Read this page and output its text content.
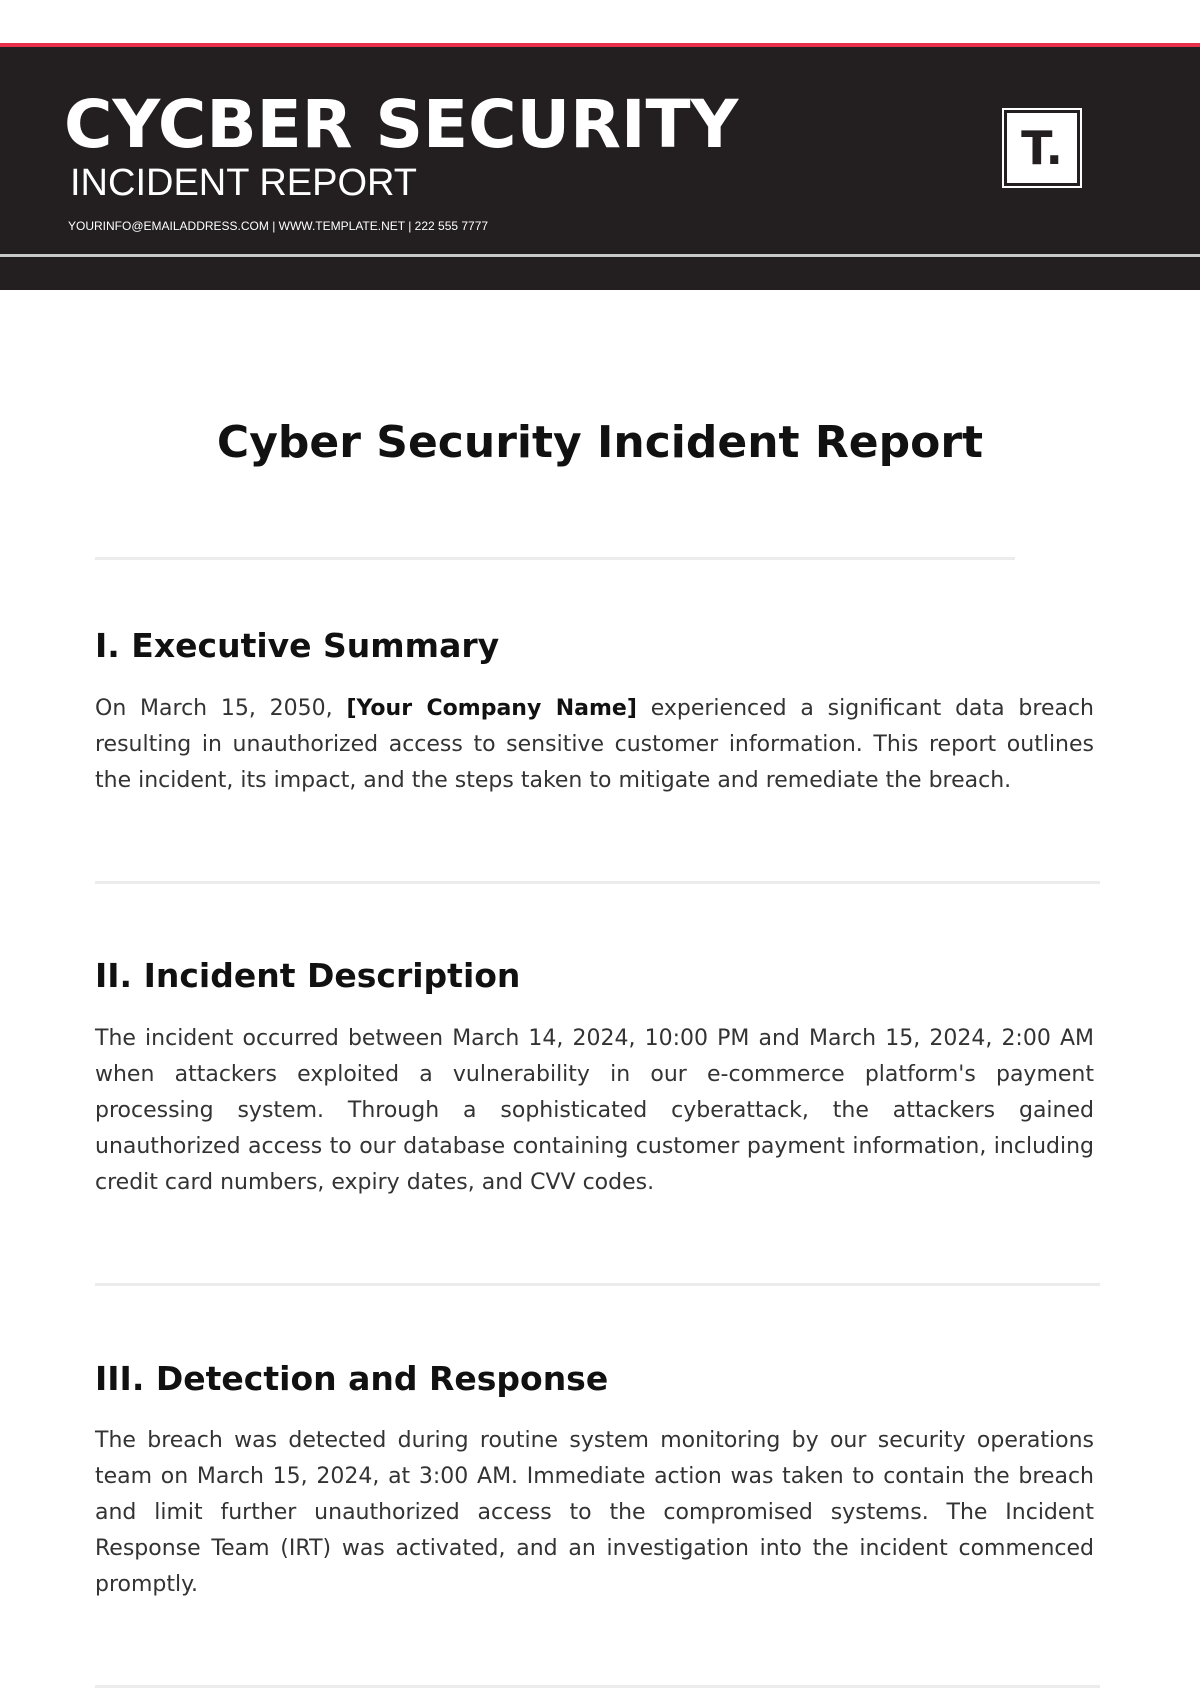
CYCBER SECURITY
INCIDENT REPORT
YOURINFO@EMAILADDRESS.COM | WWW.TEMPLATE.NET | 222 555 7777
T.
Cyber Security Incident Report
I. Executive Summary
On March 15, 2050, [Your Company Name] experienced a significant data breach resulting in unauthorized access to sensitive customer information. This report outlines the incident, its impact, and the steps taken to mitigate and remediate the breach.
II. Incident Description
The incident occurred between March 14, 2024, 10:00 PM and March 15, 2024, 2:00 AM when attackers exploited a vulnerability in our e-commerce platform's payment processing system. Through a sophisticated cyberattack, the attackers gained unauthorized access to our database containing customer payment information, including credit card numbers, expiry dates, and CVV codes.
III. Detection and Response
The breach was detected during routine system monitoring by our security operations team on March 15, 2024, at 3:00 AM. Immediate action was taken to contain the breach and limit further unauthorized access to the compromised systems. The Incident Response Team (IRT) was activated, and an investigation into the incident commenced promptly.
